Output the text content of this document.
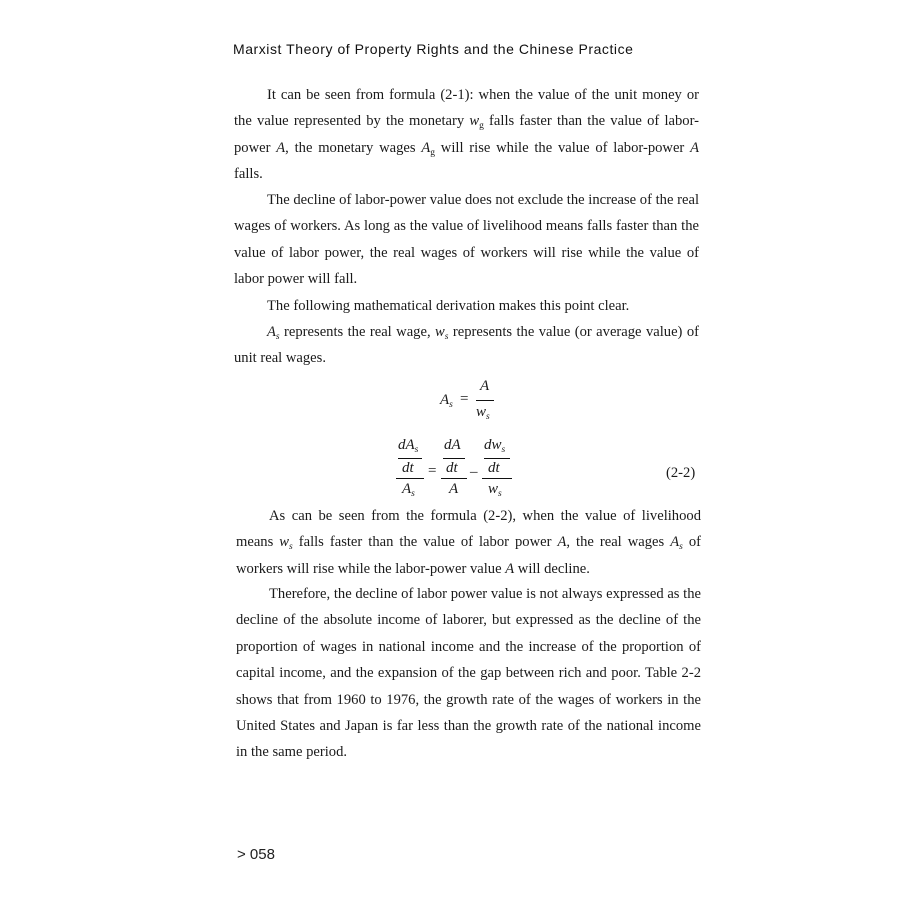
Marxist Theory of Property Rights and the Chinese Practice
It can be seen from formula (2-1): when the value of the unit money or the value represented by the monetary $w_g$ falls faster than the value of labor-power A, the monetary wages $A_g$ will rise while the value of labor-power A falls.
The decline of labor-power value does not exclude the increase of the real wages of workers. As long as the value of livelihood means falls faster than the value of labor power, the real wages of workers will rise while the value of labor power will fall.
The following mathematical derivation makes this point clear.
$A_s$ represents the real wage, $w_s$ represents the value (or average value) of unit real wages.
$A_s$ =
A
$w_s$
$dA_s$
dt
$A_s$
=
dA
dt
A
–
$dw_s$
dt
$w_s$
(2-2)
As can be seen from the formula (2-2), when the value of livelihood means $w_s$ falls faster than the value of labor power A, the real wages $A_s$ of workers will rise while the labor-power value A will decline.
Therefore, the decline of labor power value is not always expressed as the decline of the absolute income of laborer, but expressed as the decline of the proportion of wages in national income and the increase of the proportion of capital income, and the expansion of the gap between rich and poor. Table 2-2 shows that from 1960 to 1976, the growth rate of the wages of workers in the United States and Japan is far less than the growth rate of the national income in the same period.
> 058
